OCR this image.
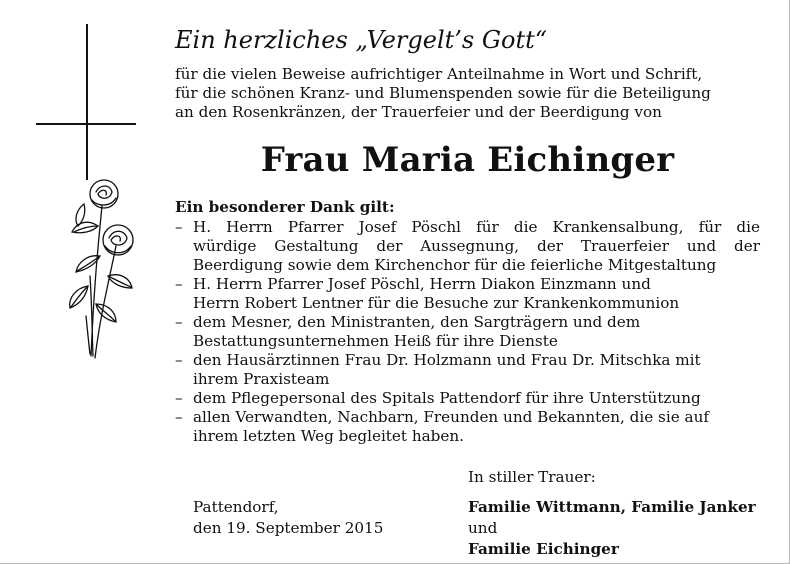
Ein herzliches „Vergelt’s Gott“

für die vielen Beweise aufrichtiger Anteilnahme in Wort und Schrift,
für die schönen Kranz- und Blumenspenden sowie für die Beteiligung
an den Rosenkränzen, der Trauerfeier und der Beerdigung von

Frau Maria Eichinger

Ein besonderer Dank gilt:

– H. Herrn Pfarrer Josef Pöschl für die Krankensalbung, für die
würdige Gestaltung der Aussegnung, der Trauerfeier und der
Beerdigung sowie dem Kirchenchor für die feierliche Mitgestaltung
– H. Herrn Pfarrer Josef Pöschl, Herrn Diakon Einzmann und
Herrn Robert Lentner für die Besuche zur Krankenkommunion
– dem Mesner, den Ministranten, den Sargträgern und dem
Bestattungsunternehmen Heiß für ihre Dienste
– den Hausärztinnen Frau Dr. Holzmann und Frau Dr. Mitschka mit
ihrem Praxisteam
– dem Pflegepersonal des Spitals Pattendorf für ihre Unterstützung
– allen Verwandten, Nachbarn, Freunden und Bekannten, die sie auf
ihrem letzten Weg begleitet haben.

In stiller Trauer:

Pattendorf,
den 19. September 2015

Familie Wittmann, Familie Janker
und
Familie Eichinger
